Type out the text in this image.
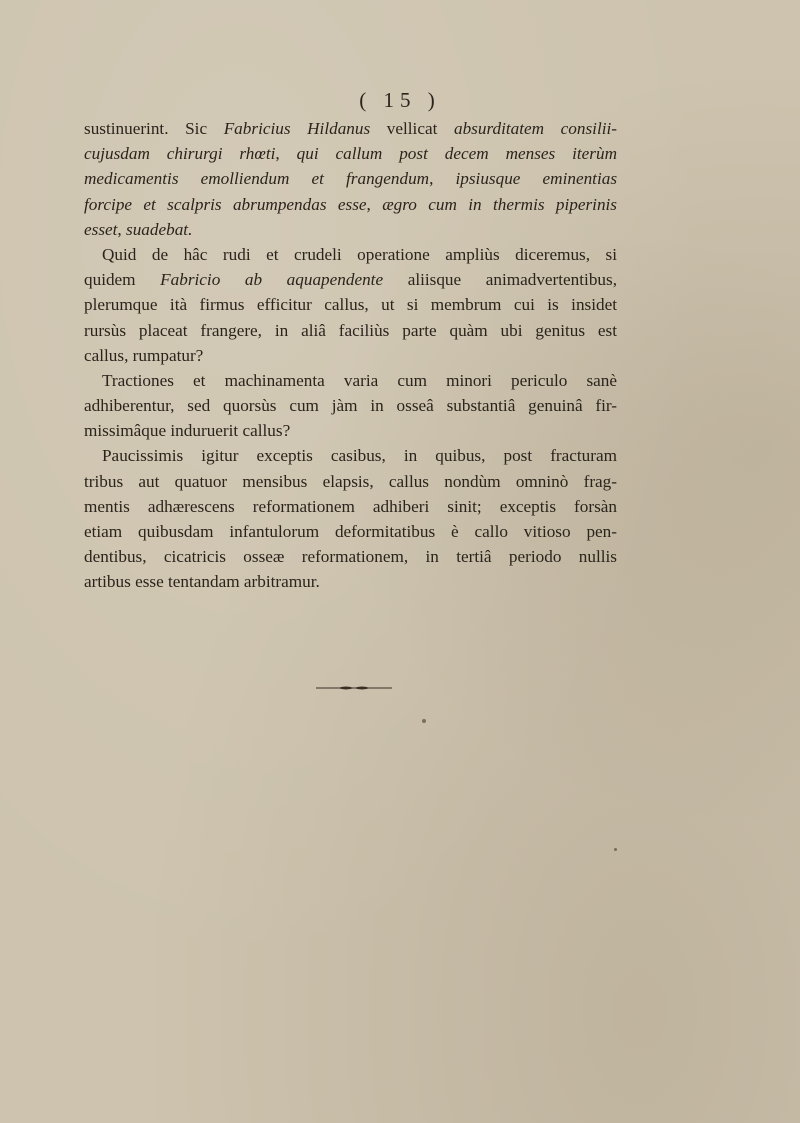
( 15 )
sustinuerint. Sic Fabricius Hildanus vellicat absurditatem consilii-
cujusdam chirurgi rhœti, qui callum post decem menses iterùm
medicamentis emolliendum et frangendum, ipsiusque eminentias
forcipe et scalpris abrumpendas esse, ægro cum in thermis piperinis
esset, suadebat.
Quid de hâc rudi et crudeli operatione ampliùs diceremus, si
quidem Fabricio ab aquapendente aliisque animadvertentibus,
plerumque ità firmus efficitur callus, ut si membrum cui is insidet
rursùs placeat frangere, in aliâ faciliùs parte quàm ubi genitus est
callus, rumpatur?
Tractiones et machinamenta varia cum minori periculo sanè
adhiberentur, sed quorsùs cum jàm in osseâ substantiâ genuinâ fir-
missimâque induruerit callus?
Paucissimis igitur exceptis casibus, in quibus, post fracturam
tribus aut quatuor mensibus elapsis, callus nondùm omninò frag-
mentis adhærescens reformationem adhiberi sinit; exceptis forsàn
etiam quibusdam infantulorum deformitatibus è callo vitioso pen-
dentibus, cicatricis osseæ reformationem, in tertiâ periodo nullis
artibus esse tentandam arbitramur.
